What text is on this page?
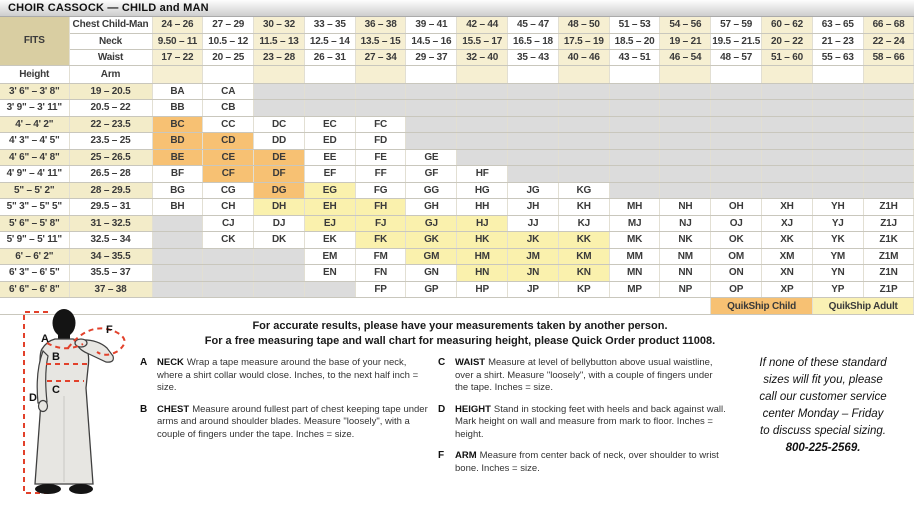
CHOIR CASSOCK — CHILD and MAN
FITS	Chest Child-Man	24 – 26	27 – 29	30 – 32	33 – 35	36 – 38	39 – 41	42 – 44	45 – 47	48 – 50	51 – 53	54 – 56	57 – 59	60 – 62	63 – 65	66 – 68
	Neck	9.50 – 11	10.5 – 12	11.5 – 13	12.5 – 14	13.5 – 15	14.5 – 16	15.5 – 17	16.5 – 18	17.5 – 19	18.5 – 20	19 – 21	19.5 – 21.5	20 – 22	21 – 23	22 – 24
	Waist	17 – 22	20 – 25	23 – 28	26 – 31	27 – 34	29 – 37	32 – 40	35 – 43	40 – 46	43 – 51	46 – 54	48 – 57	51 – 60	55 – 63	58 – 66
Height	Arm															
3' 6" – 3' 8"	19 – 20.5	BA	CA													
3' 9" – 3' 11"	20.5 – 22	BB	CB													
4' – 4' 2"	22 – 23.5	BC	CC	DC	EC	FC										
4' 3" – 4' 5"	23.5 – 25	BD	CD	DD	ED	FD										
4' 6" – 4' 8"	25 – 26.5	BE	CE	DE	EE	FE	GE									
4' 9" – 4' 11"	26.5 – 28	BF	CF	DF	EF	FF	GF	HF								
5" – 5' 2"	28 – 29.5	BG	CG	DG	EG	FG	GG	HG	JG	KG						
5" 3" – 5" 5"	29.5 – 31	BH	CH	DH	EH	FH	GH	HH	JH	KH	MH	NH	OH	XH	YH	Z1H
5' 6" – 5' 8"	31 – 32.5		CJ	DJ	EJ	FJ	GJ	HJ	JJ	KJ	MJ	NJ	OJ	XJ	YJ	Z1J
5' 9" – 5' 11"	32.5 – 34		CK	DK	EK	FK	GK	HK	JK	KK	MK	NK	OK	XK	YK	Z1K
6' – 6' 2"	34 – 35.5				EM	FM	GM	HM	JM	KM	MM	NM	OM	XM	YM	Z1M
6' 3" – 6' 5"	35.5 – 37				EN	FN	GN	HN	JN	KN	MN	NN	ON	XN	YN	Z1N
6' 6" – 6' 8"	37 – 38					FP	GP	HP	JP	KP	MP	NP	OP	XP	YP	Z1P
													QuikShip Child		QuikShip Adult	
A
B
C
D
F	For accurate results, please have your measurements taken by another person.
For a free measuring tape and wall chart for measuring height, please Quick Order product 11008.
A	NECK Wrap a tape measure around the base of your neck, where a shirt collar would close. Inches, to the next half inch = size.
B	CHEST Measure around fullest part of chest keeping tape under arms and around shoulder blades. Measure "loosely", with a couple of fingers under the tape. Inches = size.
C	WAIST Measure at level of bellybutton above usual waistline, over a shirt. Measure "loosely", with a couple of fingers under the tape. Inches = size.
D	HEIGHT Stand in stocking feet with heels and back against wall. Mark height on wall and measure from mark to floor. Inches = height.
F	ARM Measure from center back of neck, over shoulder to wrist bone. Inches = size.
If none of these standard
sizes will fit you, please
call our customer service
center Monday – Friday
to discuss special sizing.
800-225-2569.
